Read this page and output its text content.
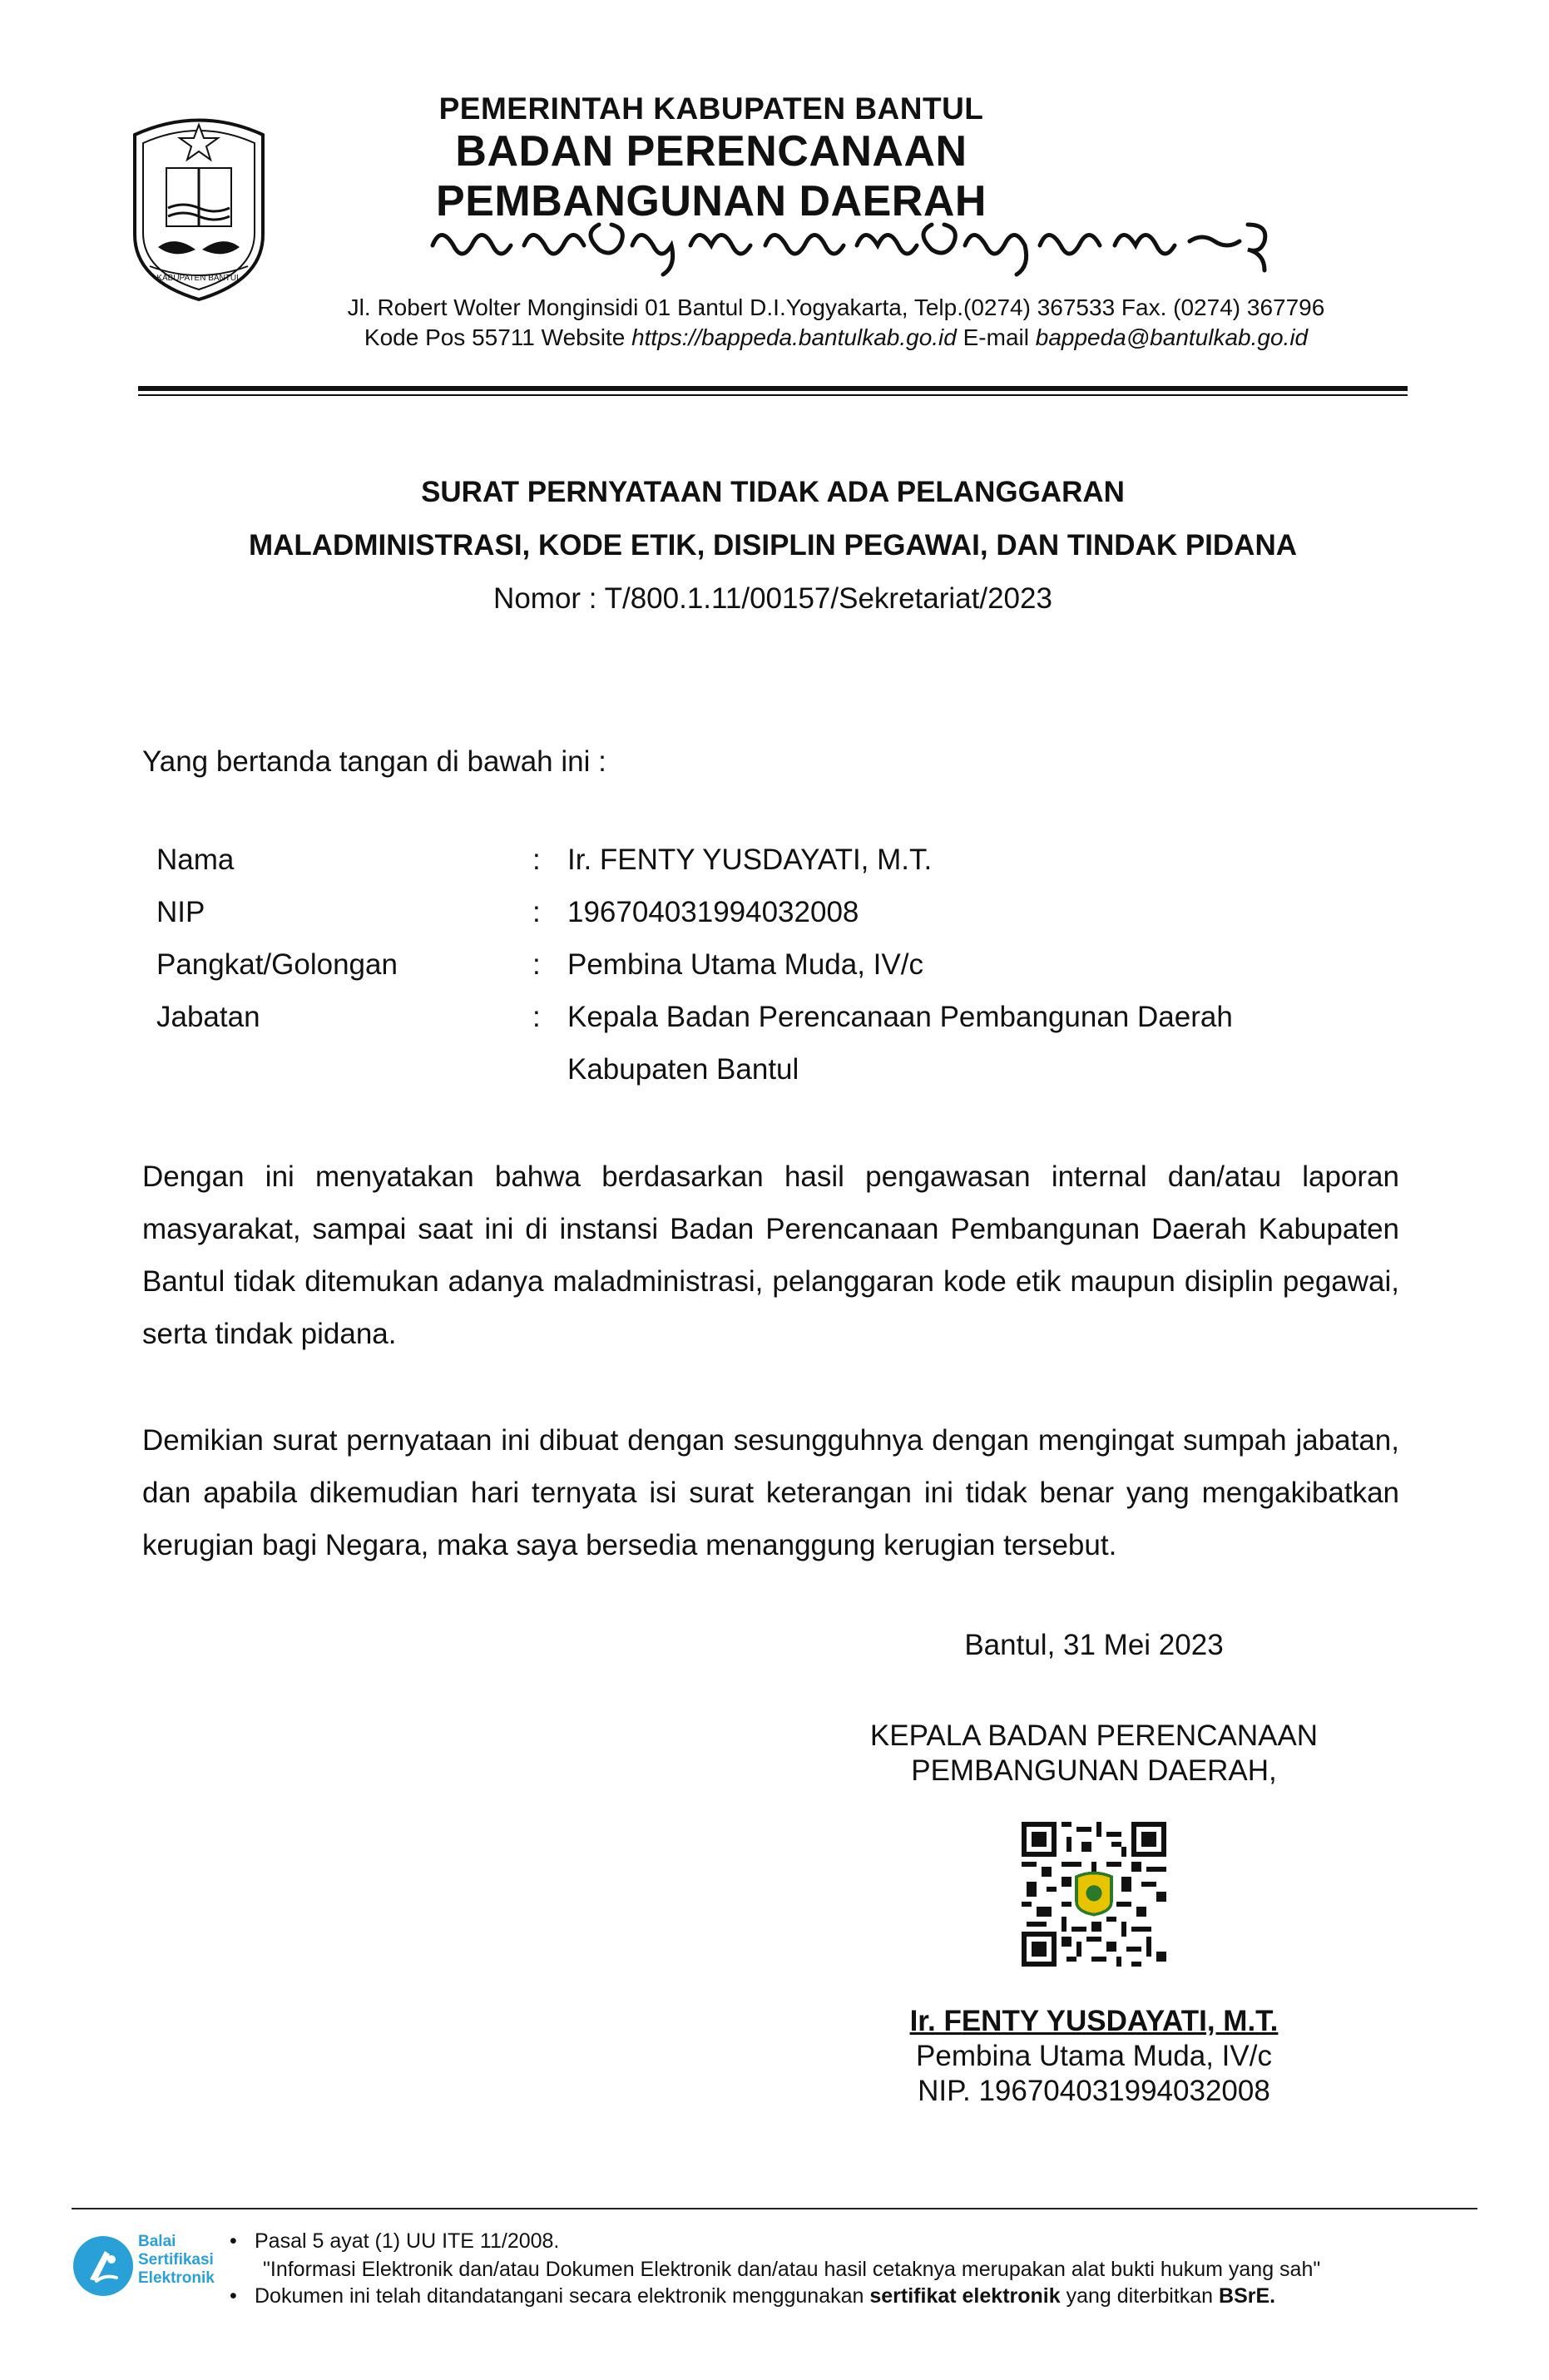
KABUPATEN BANTUL
PEMERINTAH KABUPATEN BANTUL
BADAN PERENCANAAN PEMBANGUNAN DAERAH
Jl. Robert Wolter Monginsidi 01 Bantul D.I.Yogyakarta, Telp.(0274) 367533 Fax. (0274) 367796
Kode Pos 55711 Website https://bappeda.bantulkab.go.id E-mail bappeda@bantulkab.go.id
SURAT PERNYATAAN TIDAK ADA PELANGGARAN
MALADMINISTRASI, KODE ETIK, DISIPLIN PEGAWAI, DAN TINDAK PIDANA
Nomor : T/800.1.11/00157/Sekretariat/2023
Yang bertanda tangan di bawah ini :
Nama	: Ir. FENTY YUSDAYATI, M.T.
NIP	: 196704031994032008
Pangkat/Golongan	: Pembina Utama Muda, IV/c
Jabatan	: Kepala Badan Perencanaan Pembangunan Daerah
Kabupaten Bantul
Dengan ini menyatakan bahwa berdasarkan hasil pengawasan internal dan/atau laporan masyarakat, sampai saat ini di instansi Badan Perencanaan Pembangunan Daerah Kabupaten Bantul tidak ditemukan adanya maladministrasi, pelanggaran kode etik maupun disiplin pegawai, serta tindak pidana.
Demikian surat pernyataan ini dibuat dengan sesungguhnya dengan mengingat sumpah jabatan, dan apabila dikemudian hari ternyata isi surat keterangan ini tidak benar yang mengakibatkan kerugian bagi Negara, maka saya bersedia menanggung kerugian tersebut.
Bantul, 31 Mei 2023
KEPALA BADAN PERENCANAAN
PEMBANGUNAN DAERAH,
Ir. FENTY YUSDAYATI, M.T.
Pembina Utama Muda, IV/c
NIP. 196704031994032008
Balai
Sertifikasi
Elektronik
• Pasal 5 ayat (1) UU ITE 11/2008.
"Informasi Elektronik dan/atau Dokumen Elektronik dan/atau hasil cetaknya merupakan alat bukti hukum yang sah"
• Dokumen ini telah ditandatangani secara elektronik menggunakan sertifikat elektronik yang diterbitkan BSrE.
